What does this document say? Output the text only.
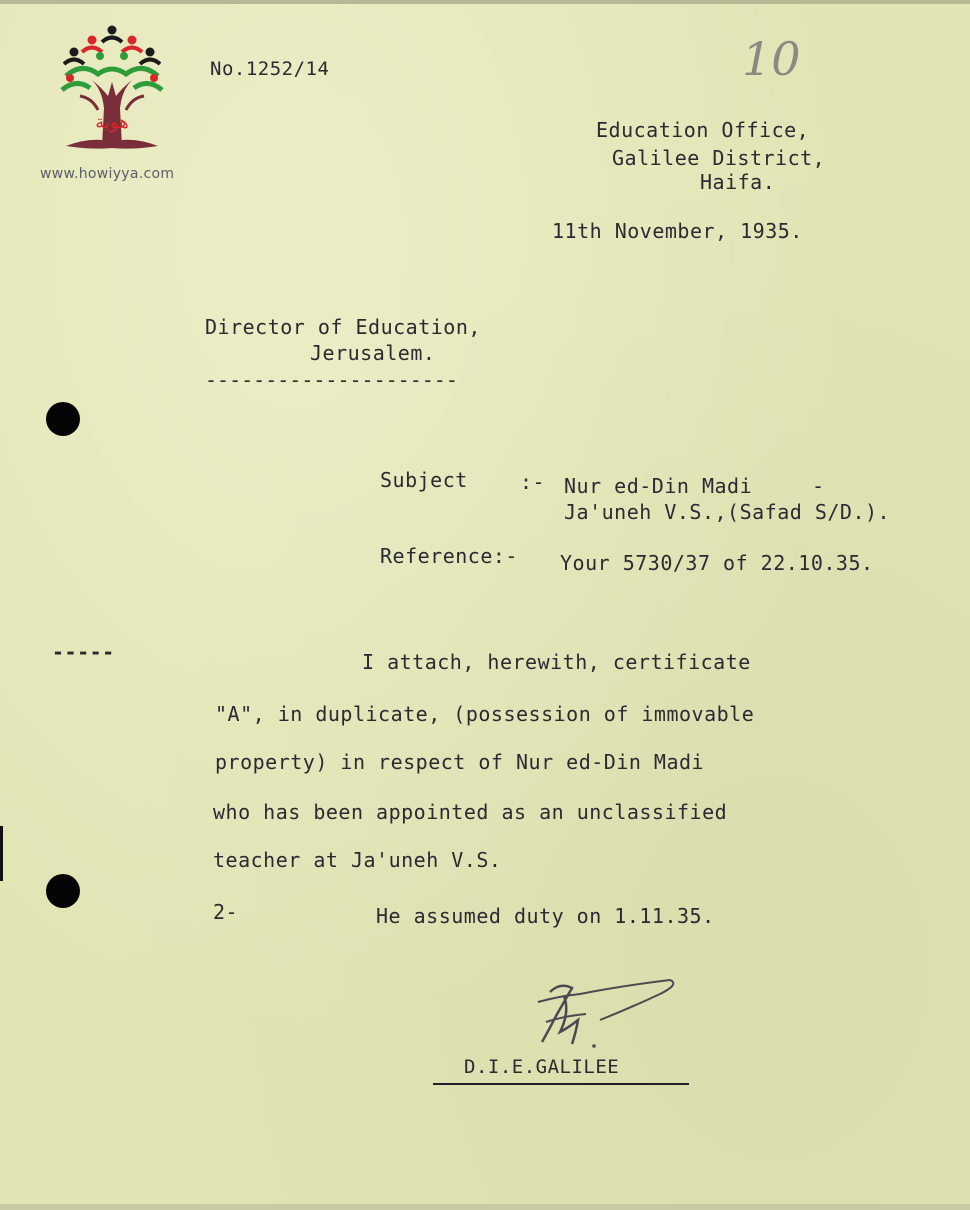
هوية
www.howiyya.com
No.1252/14	10
Education Office,
Galilee District,
Haifa.
11th November, 1935.
Director of Education,
Jerusalem.
---------------------
Subject	:- Nur ed-Din Madi	-
Ja'uneh V.S.,(Safad S/D.).
Reference:- Your 5730/37 of 22.10.35.
-----	I attach, herewith, certificate
"A", in duplicate, (possession of immovable
property) in respect of Nur ed-Din Madi
who has been appointed as an unclassified
teacher at Ja'uneh V.S.
2-	He assumed duty on 1.11.35.
D.I.E.GALILEE
